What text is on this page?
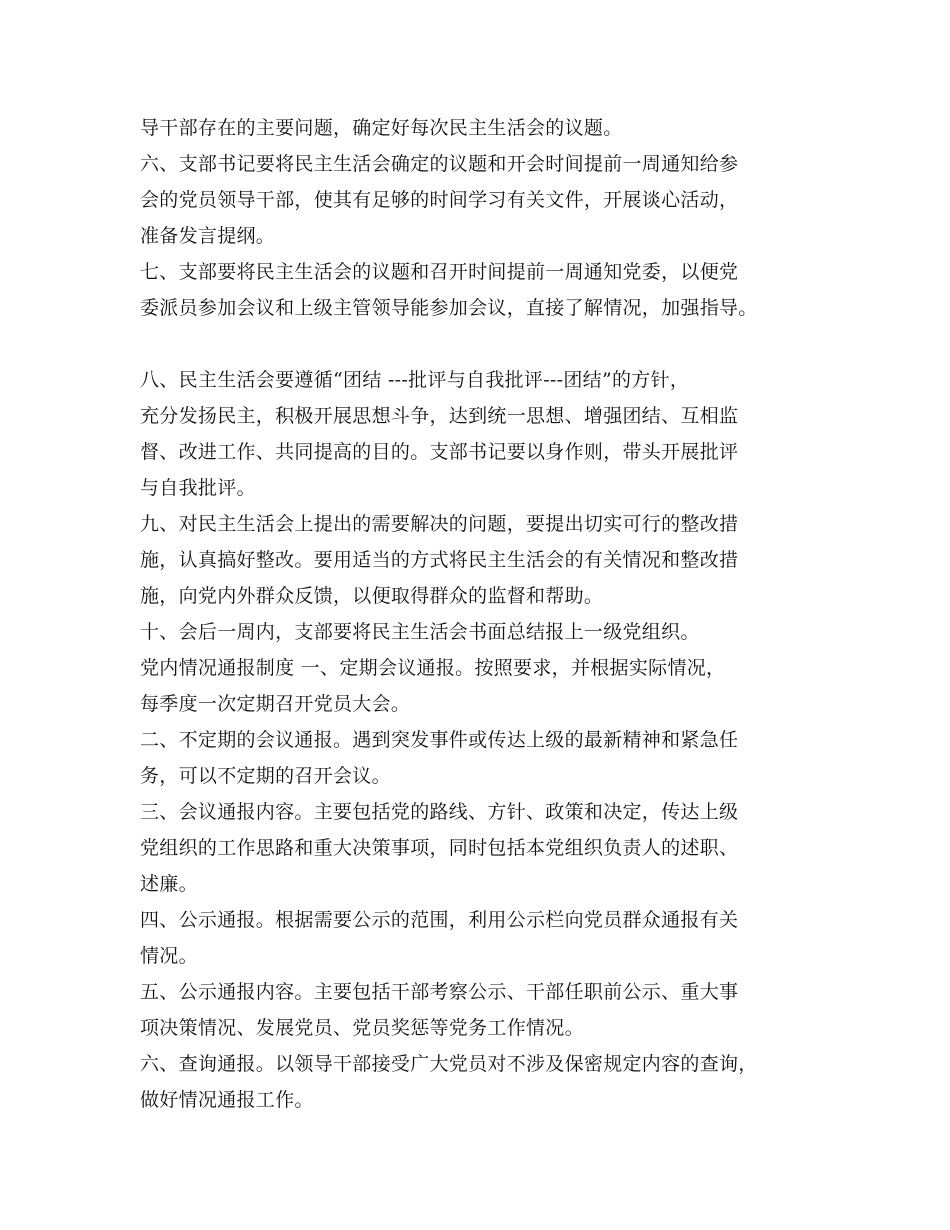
导干部存在的主要问题，确定好每次民主生活会的议题。
六、支部书记要将民主生活会确定的议题和开会时间提前一周通知给参
会的党员领导干部，使其有足够的时间学习有关文件，开展谈心活动，
准备发言提纲。
七、支部要将民主生活会的议题和召开时间提前一周通知党委，以便党
委派员参加会议和上级主管领导能参加会议，直接了解情况，加强指导。
八、民主生活会要遵循“团结 ---批评与自我批评---团结”的方针，
充分发扬民主，积极开展思想斗争，达到统一思想、增强团结、互相监
督、改进工作、共同提高的目的。支部书记要以身作则，带头开展批评
与自我批评。
九、对民主生活会上提出的需要解决的问题，要提出切实可行的整改措
施，认真搞好整改。要用适当的方式将民主生活会的有关情况和整改措
施，向党内外群众反馈，以便取得群众的监督和帮助。
十、会后一周内，支部要将民主生活会书面总结报上一级党组织。
党内情况通报制度 一、定期会议通报。按照要求，并根据实际情况，
每季度一次定期召开党员大会。
二、不定期的会议通报。遇到突发事件或传达上级的最新精神和紧急任
务，可以不定期的召开会议。
三、会议通报内容。主要包括党的路线、方针、政策和决定，传达上级
党组织的工作思路和重大决策事项，同时包括本党组织负责人的述职、
述廉。
四、公示通报。根据需要公示的范围，利用公示栏向党员群众通报有关
情况。
五、公示通报内容。主要包括干部考察公示、干部任职前公示、重大事
项决策情况、发展党员、党员奖惩等党务工作情况。
六、查询通报。以领导干部接受广大党员对不涉及保密规定内容的查询，
做好情况通报工作。
